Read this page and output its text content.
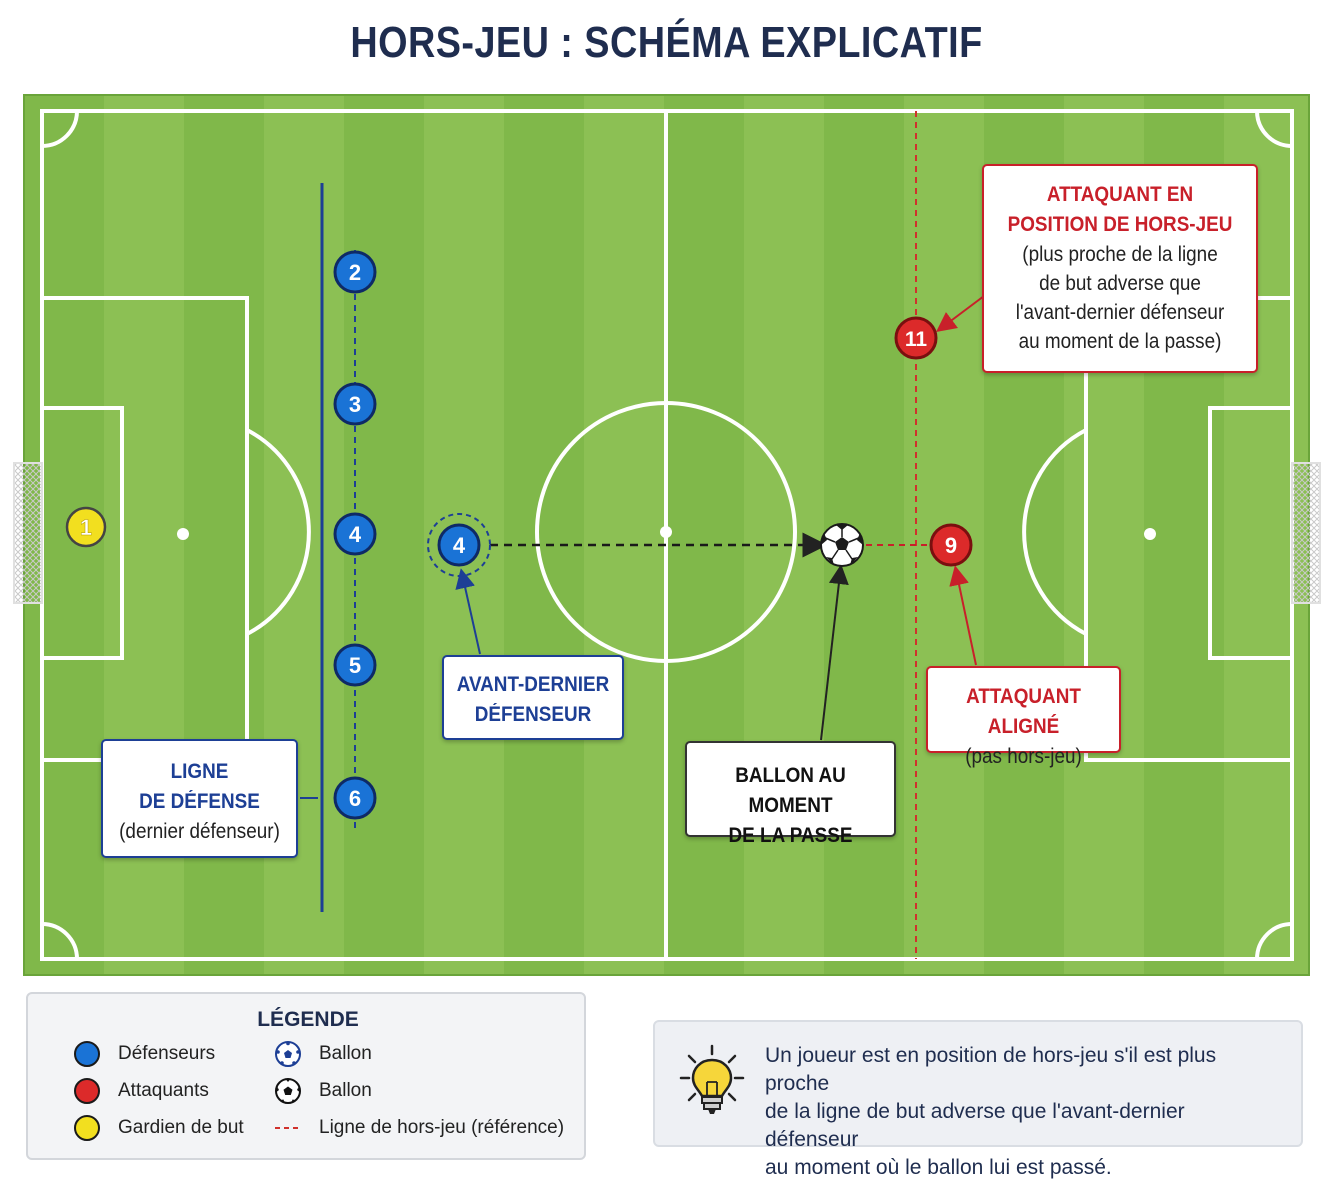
HORS-JEU : SCHÉMA EXPLICATIF
1
2
3
4
5
6
4	9
11
LIGNE
DE DÉFENSE
(dernier défenseur)
AVANT-DERNIER
DÉFENSEUR
BALLON AU MOMENT
DE LA PASSE
ATTAQUANT ALIGNÉ
(pas hors-jeu)
ATTAQUANT EN
POSITION DE HORS-JEU
(plus proche de la ligne
de but adverse que
l'avant-dernier défenseur
au moment de la passe)
LÉGENDE
Défenseurs
Attaquants
Gardien de but
Ballon
Ballon
Ligne de hors-jeu (référence)
Un joueur est en position de hors-jeu s'il est plus proche
de la ligne de but adverse que l'avant-dernier défenseur
au moment où le ballon lui est passé.
